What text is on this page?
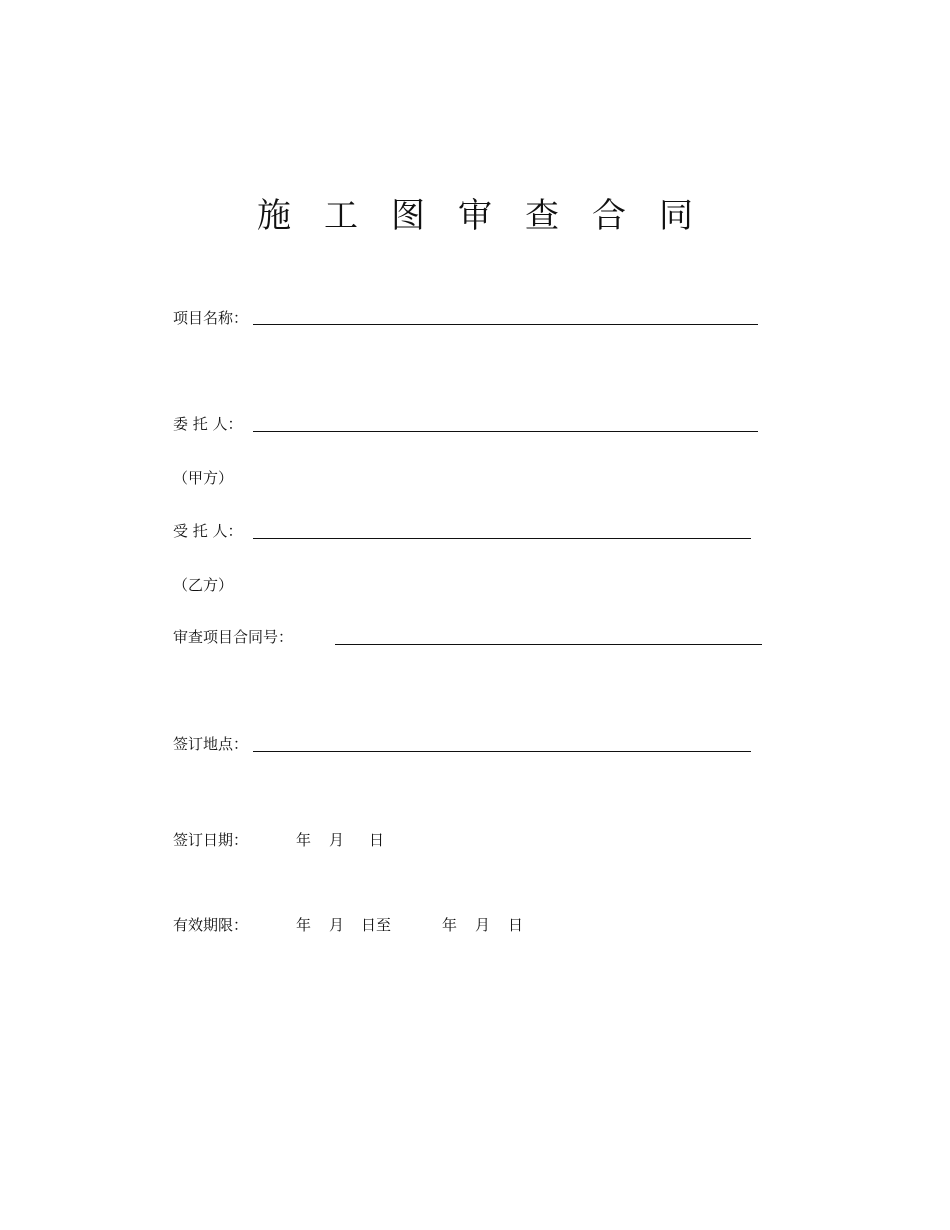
施工图审查合同
项目名称：
委 托 人：
（甲方）
受 托 人：
（乙方）
审查项目合同号：
签订地点：
签订日期：	年 月 日
有效期限：	年 月 日至	年 月 日
